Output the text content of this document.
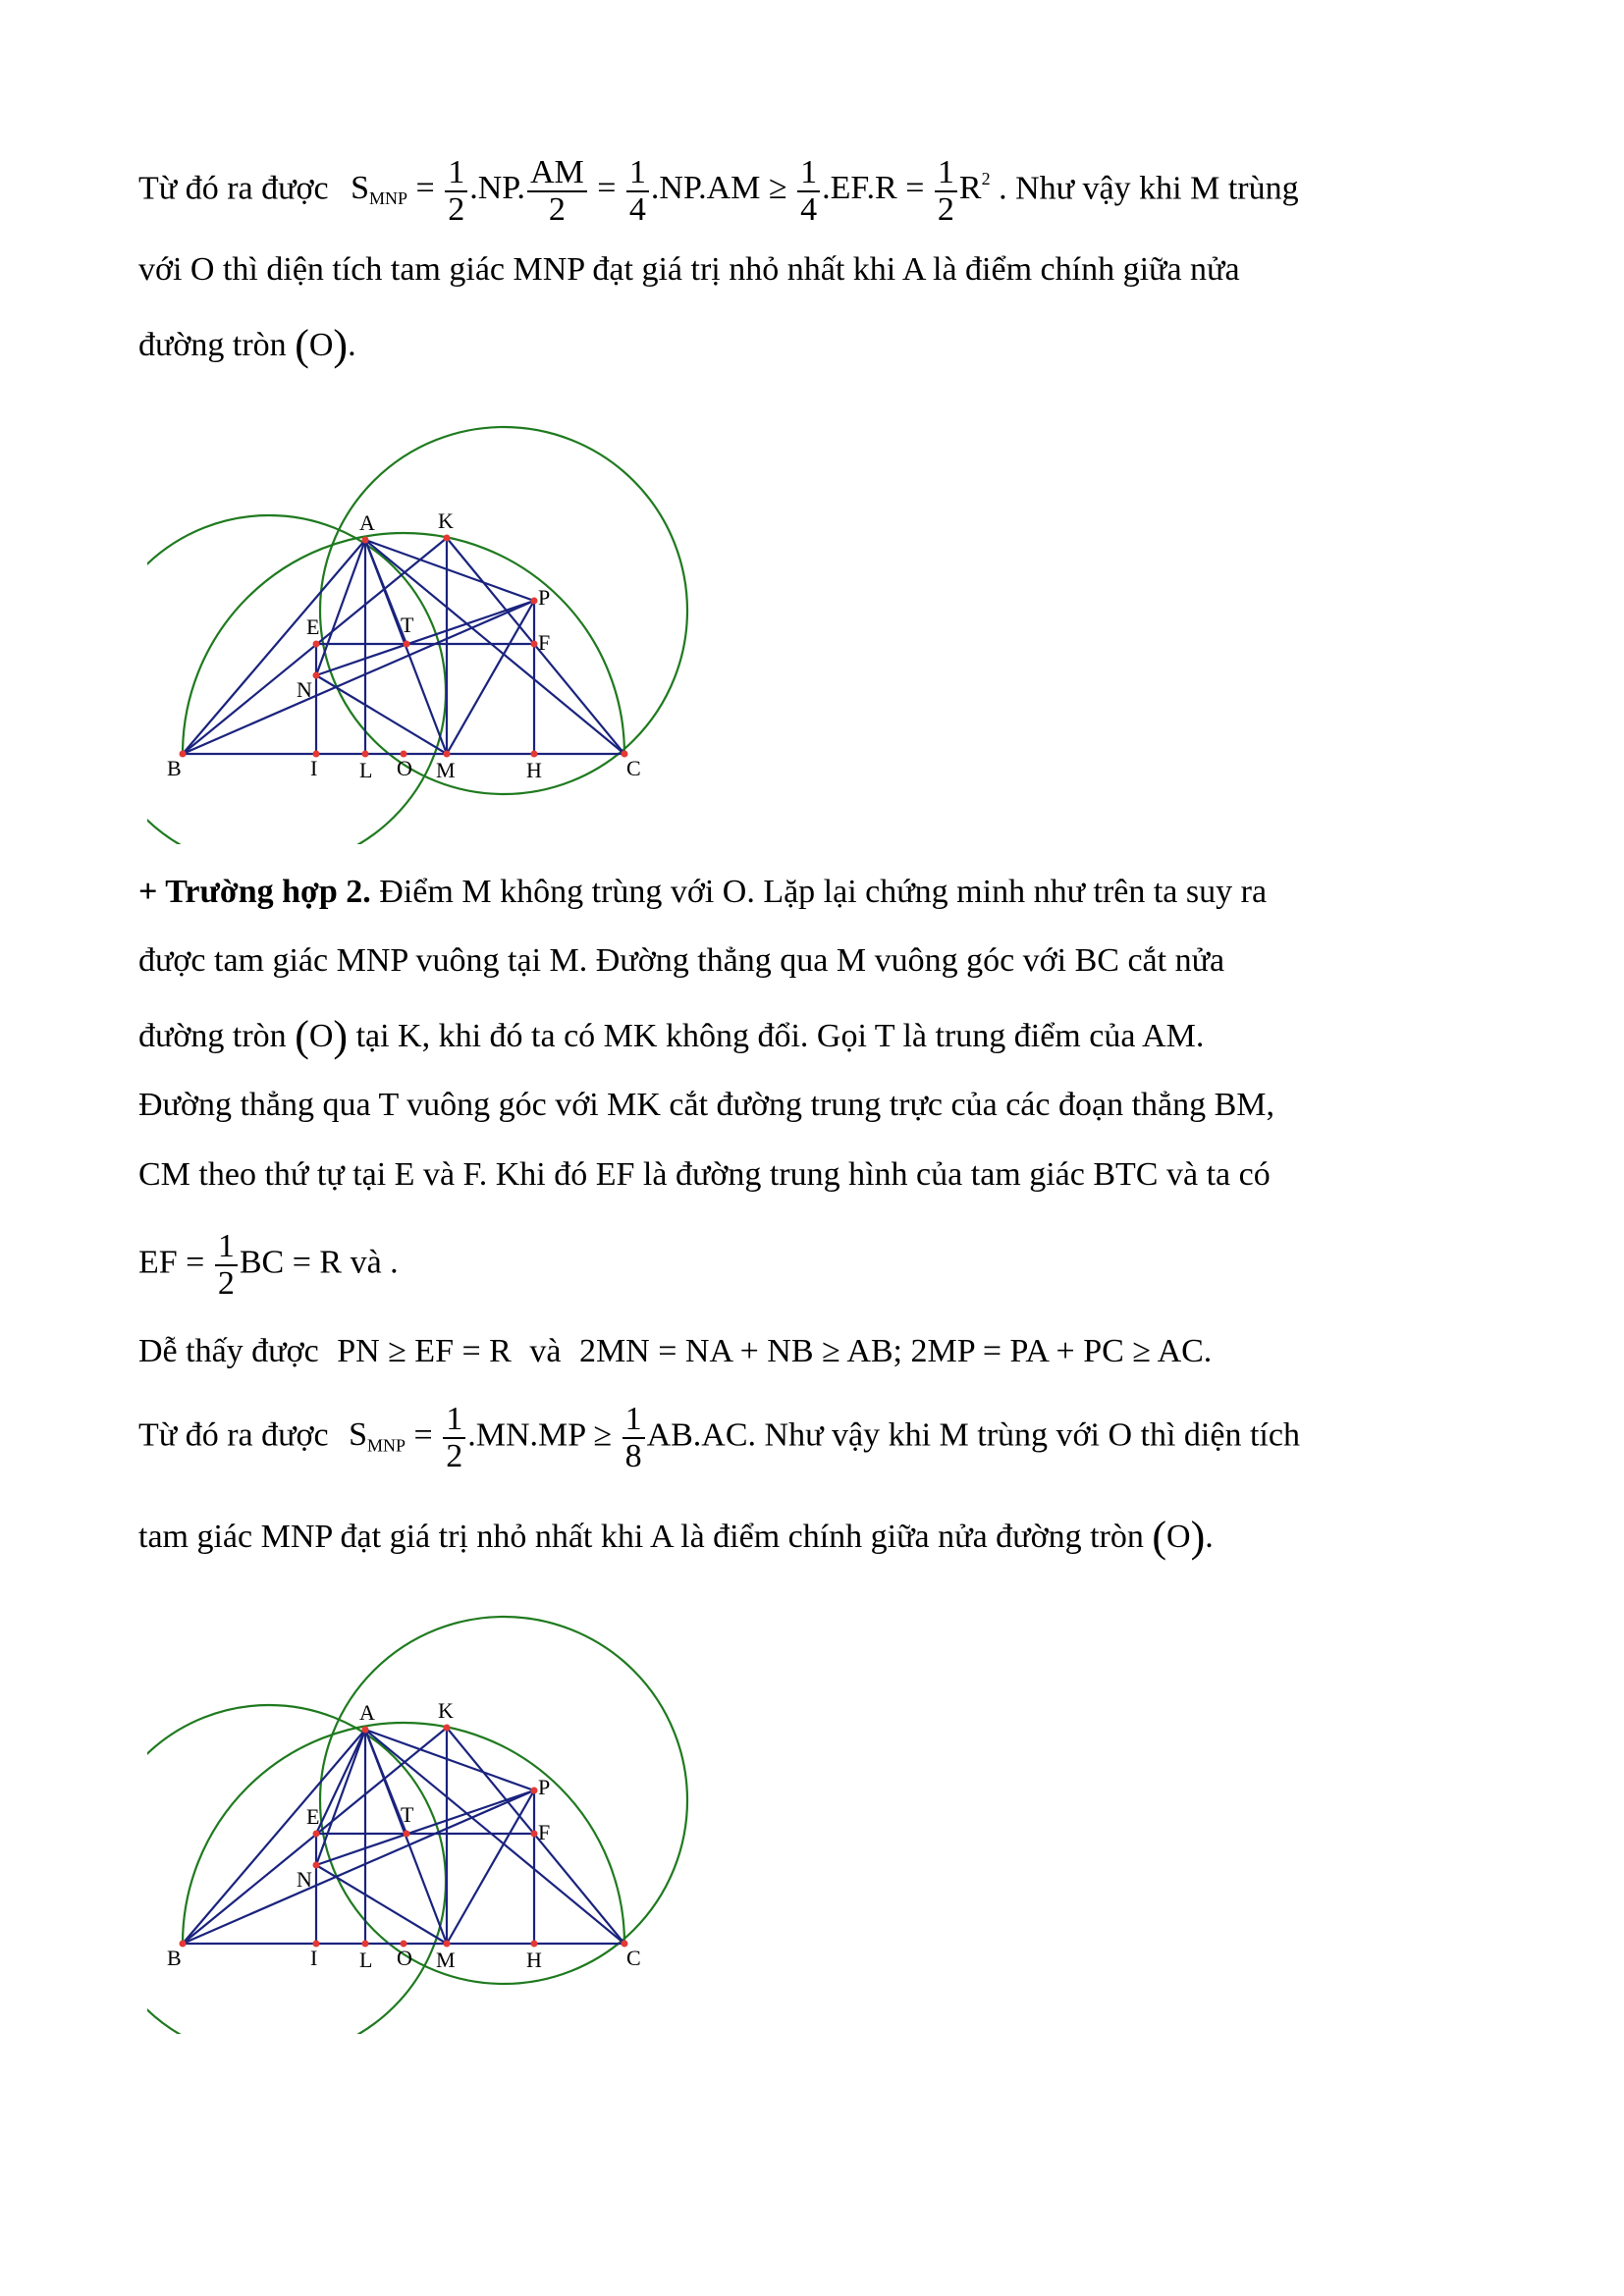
Từ đó ra được $S_{MNP} = \frac{1}{2} .NP$. $\frac{AM}{2} = \frac{1}{4} .NP.AM \ge \frac{1}{4} .EF.R = \frac{1}{2} R^2$ . Như vậy khi M trùng
với O thì diện tích tam giác MNP đạt giá trị nhỏ nhất khi A là điểm chính giữa nửa
đường tròn (O).
A	K
P
E	T
F
N
B	I L O M	H	C
+ Trường hợp 2. Điểm M không trùng với O. Lặp lại chứng minh như trên ta suy ra
được tam giác MNP vuông tại M. Đường thẳng qua M vuông góc với BC cắt nửa
đường tròn (O) tại K, khi đó ta có MK không đổi. Gọi T là trung điểm của AM.
Đường thẳng qua T vuông góc với MK cắt đường trung trực của các đoạn thẳng BM,
CM theo thứ tự tại E và F. Khi đó EF là đường trung hình của tam giác BTC và ta có
EF = $\frac{1}{2}$ BC = R và .
Dễ thấy được PN ≥ EF = R và 2MN = NA + NB ≥ AB; 2MP = PA + PC ≥ AC.
Từ đó ra được $S_{MNP} = \frac{1}{2} .MN.MP \ge \frac{1}{8} AB.AC$. Như vậy khi M trùng với O thì diện tích
tam giác MNP đạt giá trị nhỏ nhất khi A là điểm chính giữa nửa đường tròn (O).
A	K
P
E	T
F
N
B	I L O M	H	C
